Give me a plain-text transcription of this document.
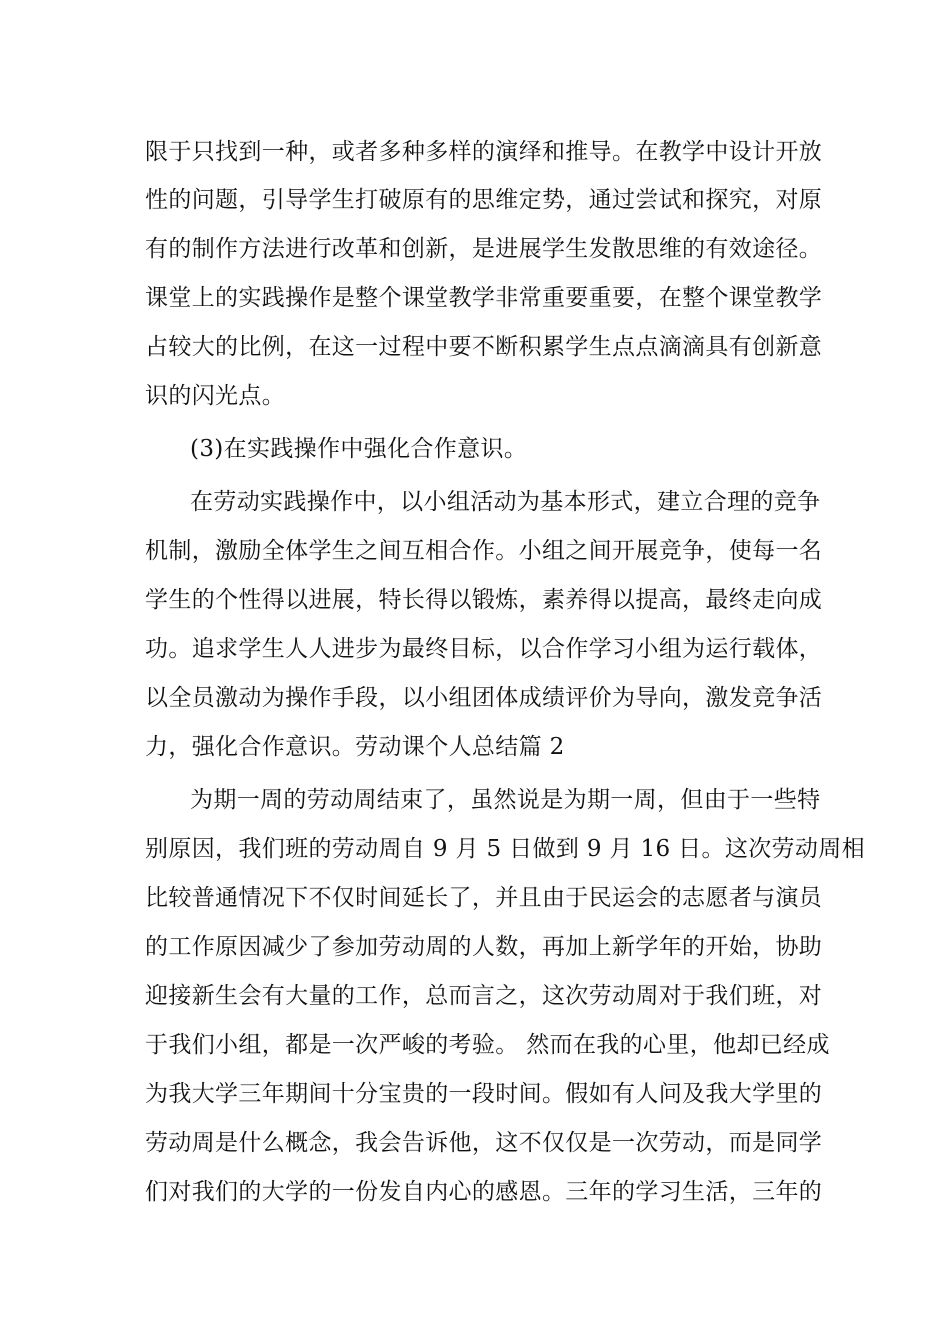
限于只找到一种，或者多种多样的演绎和推导。在教学中设计开放
性的问题，引导学生打破原有的思维定势，通过尝试和探究，对原
有的制作方法进行改革和创新，是进展学生发散思维的有效途径。
课堂上的实践操作是整个课堂教学非常重要重要，在整个课堂教学
占较大的比例，在这一过程中要不断积累学生点点滴滴具有创新意
识的闪光点。
(3)在实践操作中强化合作意识。
在劳动实践操作中，以小组活动为基本形式，建立合理的竞争
机制，激励全体学生之间互相合作。小组之间开展竞争，使每一名
学生的个性得以进展，特长得以锻炼，素养得以提高，最终走向成
功。追求学生人人进步为最终目标，以合作学习小组为运行载体，
以全员激动为操作手段，以小组团体成绩评价为导向，激发竞争活
力，强化合作意识。劳动课个人总结篇 2
为期一周的劳动周结束了，虽然说是为期一周，但由于一些特
别原因，我们班的劳动周自 9 月 5 日做到 9 月 16 日。这次劳动周相
比较普通情况下不仅时间延长了，并且由于民运会的志愿者与演员
的工作原因减少了参加劳动周的人数，再加上新学年的开始，协助
迎接新生会有大量的工作，总而言之，这次劳动周对于我们班，对
于我们小组，都是一次严峻的考验。 然而在我的心里，他却已经成
为我大学三年期间十分宝贵的一段时间。假如有人问及我大学里的
劳动周是什么概念，我会告诉他，这不仅仅是一次劳动，而是同学
们对我们的大学的一份发自内心的感恩。三年的学习生活，三年的
